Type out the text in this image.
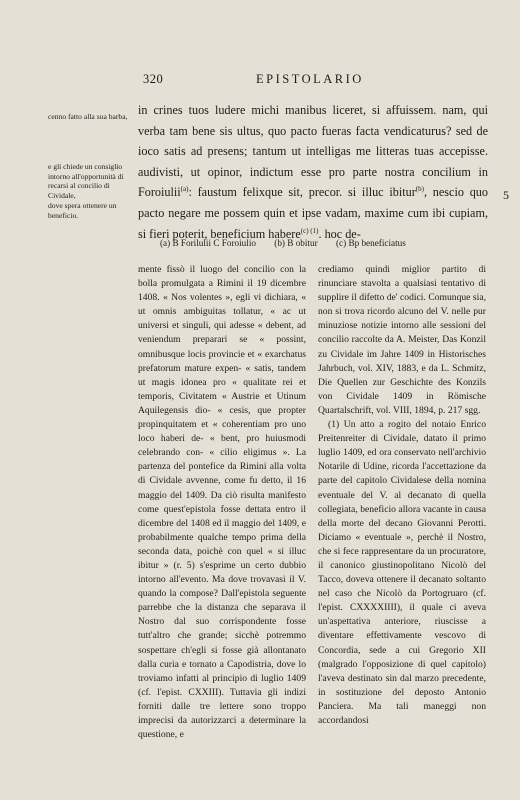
320	EPISTOLARIO
cenno fatto alla sua barba,
e gli chiede un consiglio intorno all'opportunità di recarsi al concilio di Cividale,
dove spera ottenere un beneficio.

in crines tuos ludere michi manibus liceret, si affuissem. nam, qui verba tam bene sis ultus, quo pacto fueras facta vendicaturus? sed de ioco satis ad presens; tantum ut intelligas me litteras tuas accepisse. audivisti, ut opinor, indictum esse pro parte nostra concilium in Foroiulii$^{(a)}$: faustum felixque sit, precor. si illuc ibitur$^{(b)}$, nescio quo pacto negare me possem quin et ipse vadam, maxime cum ibi cupiam, si fieri poterit, beneficium habere$^{(c) (1)}$. hoc de-

5
(a) B Forilulii C Foroiulio (b) B obitur (c) Bp beneficiatus

mente fissò il luogo del concilio con la bolla promulgata a Rimini il 19 dicembre 1408. « Nos volentes », egli vi dichiara, « ut omnis ambiguitas tollatur, « ac ut universi et singuli, qui adesse « debent, ad veniendum preparari se « possint, omnibusque locis provincie et « exarchatus prefatorum mature expen- « satis, tandem ut magis idonea pro « qualitate rei et temporis, Civitatem « Austrie et Utinum Aquilegensis dio- « cesis, que propter propinquitatem et « coherentiam pro uno loco haberi de- « bent, pro huiusmodi celebrando con- « cilio eligimus ». La partenza del pontefice da Rimini alla volta di Cividale avvenne, come fu detto, il 16 maggio del 1409. Da ciò risulta manifesto come quest'epistola fosse dettata entro il dicembre del 1408 ed il maggio del 1409, e probabilmente qualche tempo prima della seconda data, poichè con quel « si illuc ibitur » (r. 5) s'esprime un certo dubbio intorno all'evento. Ma dove trovavasi il V. quando la compose? Dall'epistola seguente parrebbe che la distanza che separava il Nostro dal suo corrispondente fosse tutt'altro che grande; sicchè potremmo sospettare ch'egli si fosse già allontanato dalla curia e tornato a Capodistria, dove lo troviamo infatti al principio di luglio 1409 (cf. l'epist. CXXIII). Tuttavia gli indizi forniti dalle tre lettere sono troppo imprecisi da autorizzarci a determinare la questione, e

crediamo quindi miglior partito di rinunciare stavolta a qualsiasi tentativo di supplire il difetto de' codici. Comunque sia, non si trova ricordo alcuno del V. nelle pur minuziose notizie intorno alle sessioni del concilio raccolte da A. Meister, Das Konzil zu Cividale im Jahre 1409 in Historisches Jahrbuch, vol. XIV, 1883, e da L. Schmitz, Die Quellen zur Geschichte des Konzils von Cividale 1409 in Römische Quartalschrift, vol. VIII, 1894, p. 217 sgg.

(1) Un atto a rogito del notaio Enrico Preitenreiter di Cividale, datato il primo luglio 1409, ed ora conservato nell'archivio Notarile di Udine, ricorda l'accettazione da parte del capitolo Cividalese della nomina eventuale del V. al decanato di quella collegiata, beneficio allora vacante in causa della morte del decano Giovanni Perotti. Diciamo « eventuale », perchè il Nostro, che si fece rappresentare da un procuratore, il canonico giustinopolitano Nicolò del Tacco, doveva ottenere il decanato soltanto nel caso che Nicolò da Portogruaro (cf. l'epist. CXXXXIIII), il quale ci aveva un'aspettativa anteriore, riuscisse a diventare effettivamente vescovo di Concordia, sede a cui Gregorio XII (malgrado l'opposizione di quel capitolo) l'aveva destinato sin dal marzo precedente, in sostituzione del deposto Antonio Panciera. Ma tali maneggi non accordandosi
